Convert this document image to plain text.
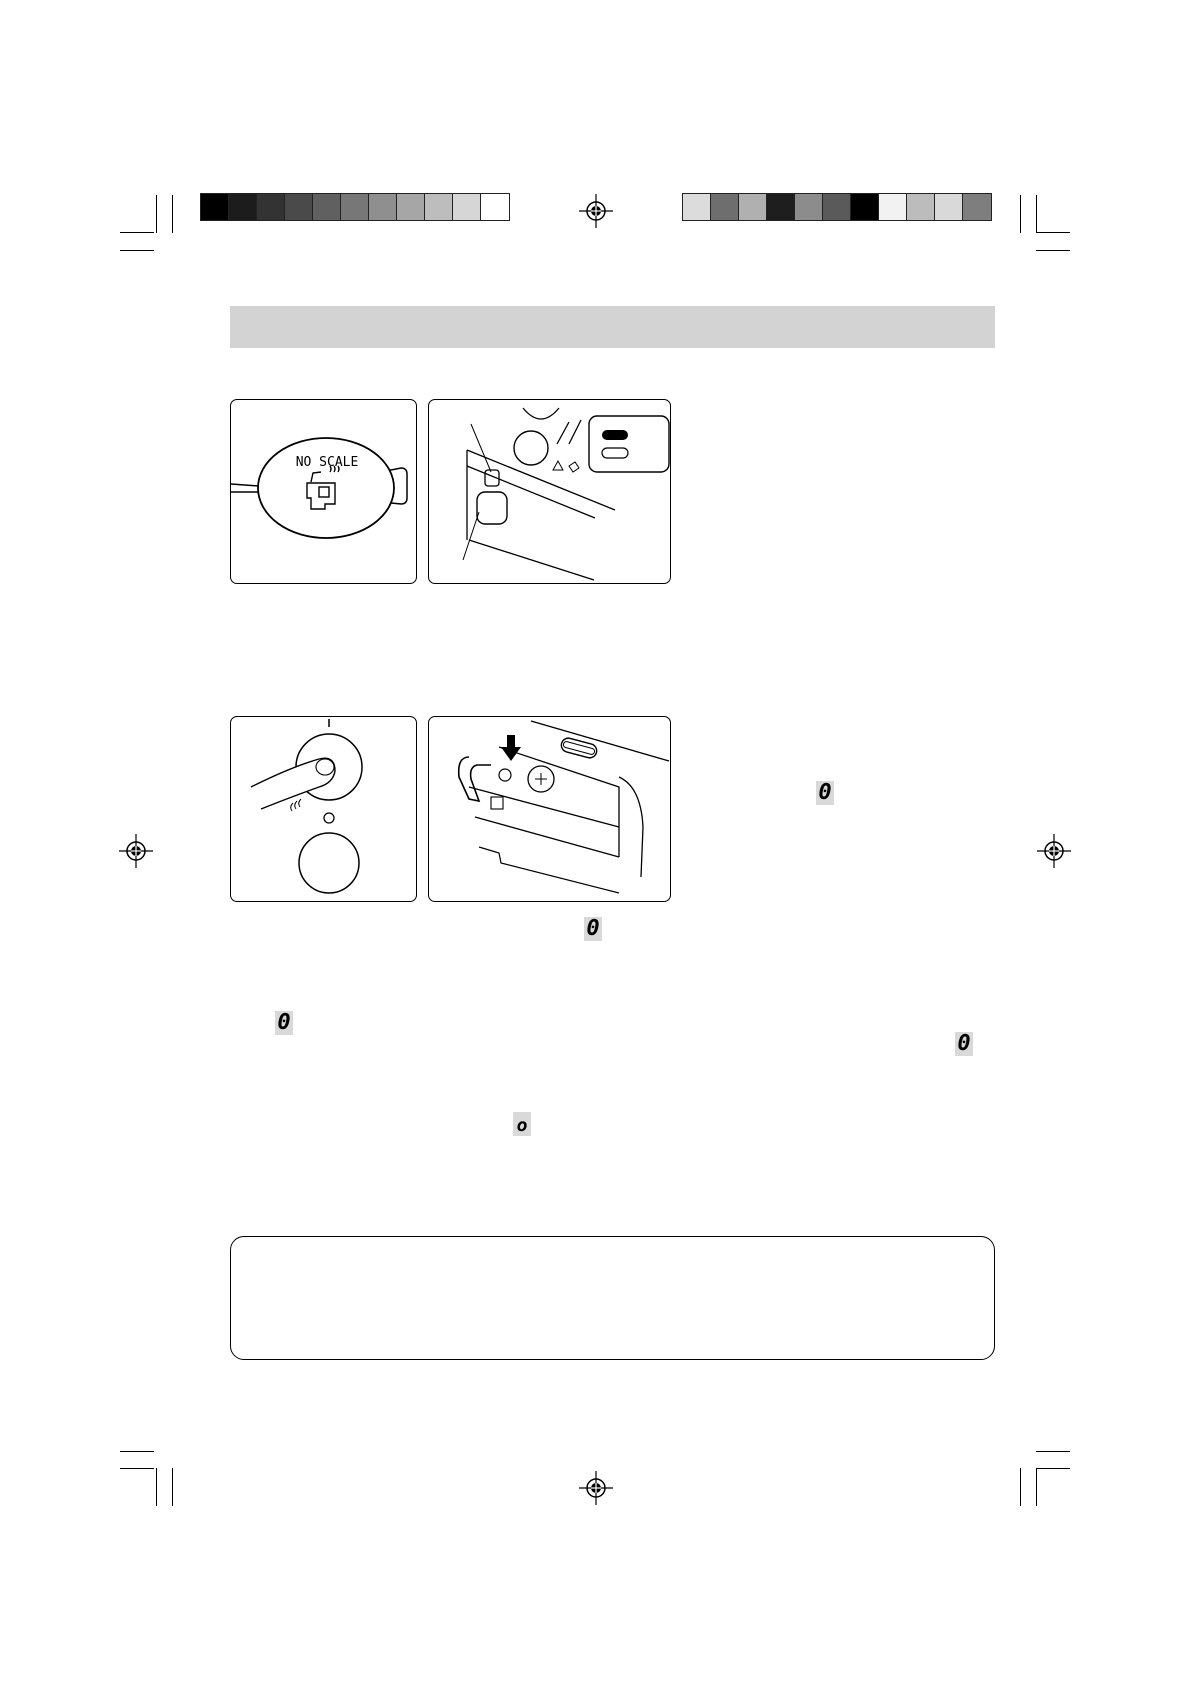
NO SCALE
0
0
0
0
o
